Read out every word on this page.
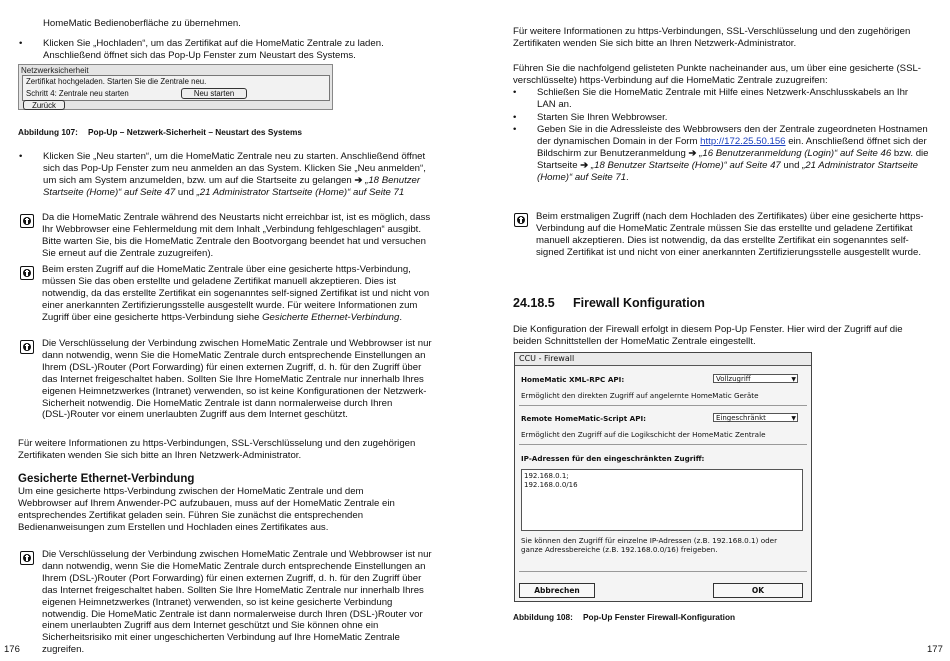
HomeMatic Bedienoberfläche zu übernehmen.

• Klicken Sie „Hochladen“, um das Zertifikat auf die HomeMatic Zentrale zu laden. Anschließend öffnet sich das Pop-Up Fenster zum Neustart des Systems.
Netzwerksicherheit
Zertifikat hochgeladen. Starten Sie die Zentrale neu.
Schritt 4: Zentrale neu starten	Neu starten
Zurück
Abbildung 107: Pop-Up – Netzwerk-Sicherheit – Neustart des Systems
• Klicken Sie „Neu starten“, um die HomeMatic Zentrale neu zu starten. Anschließend öffnet sich das Pop-Up Fenster zum neu anmelden an das System. Klicken Sie „Neu anmelden“, um sich am System anzumelden, bzw. um auf die Startseite zu gelangen ➔ „18 Benutzer Startseite (Home)“ auf Seite 47 und „21 Administrator Startseite (Home)“ auf Seite 71
Da die HomeMatic Zentrale während des Neustarts nicht erreichbar ist, ist es möglich, dass Ihr Webbrowser eine Fehlermeldung mit dem Inhalt „Verbindung fehlgeschlagen“ ausgibt. Bitte warten Sie, bis die HomeMatic Zentrale den Bootvorgang beendet hat und versuchen Sie erneut auf die Zentrale zuzugreifen).
Beim ersten Zugriff auf die HomeMatic Zentrale über eine gesicherte https-Verbindung, müssen Sie das oben erstellte und geladene Zertifikat manuell akzeptieren. Dies ist notwendig, da das erstellte Zertifikat ein sogenanntes self-signed Zertifikat ist und nicht von einer anerkannten Zertifizierungsstelle ausgestellt wurde. Für weitere Informationen zum Zugriff über eine gesicherte https-Verbindung siehe Gesicherte Ethernet-Verbindung.
Die Verschlüsselung der Verbindung zwischen HomeMatic Zentrale und Webbrowser ist nur dann notwendig, wenn Sie die HomeMatic Zentrale durch entsprechende Einstellungen an Ihrem (DSL-)Router (Port Forwarding) für einen externen Zugriff, d. h. für den Zugriff über das Internet freigeschaltet haben. Sollten Sie Ihre HomeMatic Zentrale nur innerhalb Ihres eigenen Heimnetzwerkes (Intranet) verwenden, so ist keine Konfigurationen der Netzwerk-Sicherheit notwendig. Die HomeMatic Zentrale ist dann normalerweise durch Ihren (DSL-)Router vor einem unerlaubten Zugriff aus dem Internet geschützt.

Für weitere Informationen zu https-Verbindungen, SSL-Verschlüsselung und den zugehörigen Zertifikaten wenden Sie sich bitte an Ihren Netzwerk-Administrator.

Gesicherte Ethernet-Verbindung

Um eine gesicherte https-Verbindung zwischen der HomeMatic Zentrale und dem Webbrowser auf Ihrem Anwender-PC aufzubauen, muss auf der HomeMatic Zentrale ein entsprechendes Zertifikat geladen sein. Führen Sie zunächst die entsprechenden Bedienanweisungen zum Erstellen und Hochladen eines Zertifikates aus.

Die Verschlüsselung der Verbindung zwischen HomeMatic Zentrale und Webbrowser ist nur dann notwendig, wenn Sie die HomeMatic Zentrale durch entsprechende Einstellungen an Ihrem (DSL-)Router (Port Forwarding) für einen externen Zugriff, d. h. für den Zugriff über das Internet freigeschaltet haben. Sollten Sie Ihre HomeMatic Zentrale nur innerhalb Ihres eigenen Heimnetzwerkes (Intranet) verwenden, so ist keine gesicherte Verbindung notwendig. Die HomeMatic Zentrale ist dann normalerweise durch Ihren (DSL-)Router vor einem unerlaubten Zugriff aus dem Internet geschützt und Sie können ohne ein Sicherheitsrisiko mit einer ungeschicherten Verbindung auf Ihre HomeMatic Zentrale zugreifen.
176

Für weitere Informationen zu https-Verbindungen, SSL-Verschlüsselung und den zugehörigen Zertifikaten wenden Sie sich bitte an Ihren Netzwerk-Administrator.

Führen Sie die nachfolgend gelisteten Punkte nacheinander aus, um über eine gesicherte (SSL-verschlüsselte) https-Verbindung auf die HomeMatic Zentrale zuzugreifen:

• Schließen Sie die HomeMatic Zentrale mit Hilfe eines Netzwerk-Anschlusskabels an Ihr LAN an.
• Starten Sie Ihren Webbrowser.
• Geben Sie in die Adressleiste des Webbrowsers den der Zentrale zugeordneten Hostnamen der dynamischen Domain in der Form http://172.25.50.156 ein. Anschließend öffnet sich der Bildschirm zur Benutzeranmeldung ➔ „16 Benutzeranmeldung (Login)“ auf Seite 46 bzw. die Startseite ➔ „18 Benutzer Startseite (Home)“ auf Seite 47 und „21 Administrator Startseite (Home)“ auf Seite 71.
Beim erstmaligen Zugriff (nach dem Hochladen des Zertifikates) über eine gesicherte https-Verbindung auf die HomeMatic Zentrale müssen Sie das erstellte und geladene Zertifikat manuell akzeptieren. Dies ist notwendig, da das erstellte Zertifikat ein sogenanntes self-signed Zertifikat ist und nicht von einer anerkannten Zertifizierungsstelle ausgestellt wurde.
24.18.5 Firewall Konfiguration

Die Konfiguration der Firewall erfolgt in diesem Pop-Up Fenster. Hier wird der Zugriff auf die beiden Schnittstellen der HomeMatic Zentrale eingestellt.

Abbildung 108: Pop-Up Fenster Firewall-Konfiguration
177
CCU - Firewall
HomeMatic XML-RPC API:	Vollzugriff	▼
Ermöglicht den direkten Zugriff auf angelernte HomeMatic Geräte
Remote HomeMatic-Script API:	Eingeschränkt	▼
Ermöglicht den Zugriff auf die Logikschicht der HomeMatic Zentrale
IP-Adressen für den eingeschränkten Zugriff:
192.168.0.1;
192.168.0.0/16
Sie können den Zugriff für einzelne IP-Adressen (z.B. 192.168.0.1) oder
ganze Adressbereiche (z.B. 192.168.0.0/16) freigeben.
Abbrechen	OK
